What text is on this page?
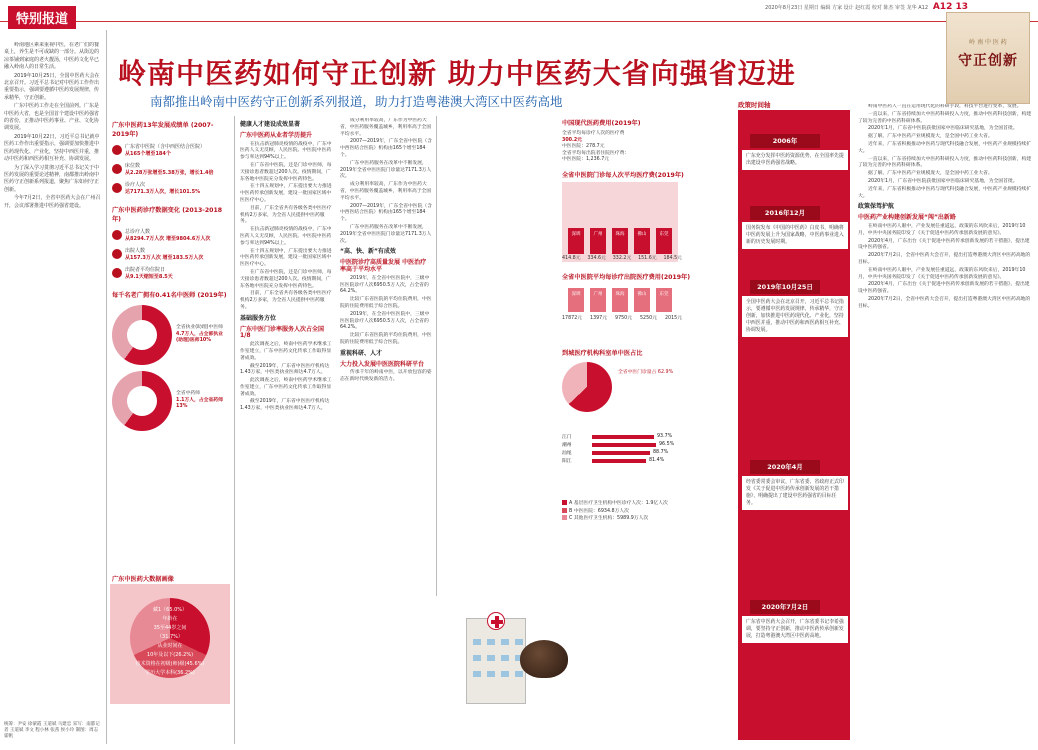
特别报道
2020年8月23日 星期日 编辑 方家 设计 赵红霞 校对 陈杰 审签 龙华 A12 A12 13

岭南地区素来重视中医，在老广们的餐桌上，养生是不可或缺的一部分。从街边的凉茶铺到家庭的老火靓汤，中医药文化早已融入岭南人的日常生活。

2019年10月25日，全国中医药大会在北京召开。习近平总书记对中医药工作作出重要指示，强调要遵循中医药发展规律，传承精华，守正创新。

广东中医药工作走在全国前列。广东是中医药大省，也是全国首个建设中医药强省的省份，正推动中医药事业、产业、文化协调发展。

2019年10月22日，习近平总书记就中医药工作作出重要指示，强调要加快推进中医药现代化、产业化，坚持中西医并重，推动中医药和西医药相互补充、协调发展。

为了深入学习贯彻习近平总书记关于中医药发展的重要论述精神，南都推出岭南中医药守正创新系列报道，聚焦广东如何守正创新。

今年7月2日，全省中医药大会在广州召开，会议部署推进中医药强省建设。

统筹：尹安 徐蒙霞 王道斌 马建忠 采写：南都记者 王道斌 李文 程小林 张茜 侯小玲 制图：周志 霍帆
岭南中医药如何守正创新 助力中医药大省向强省迈进
南都推出岭南中医药守正创新系列报道，助力打造粤港澳大湾区中医药高地
岭 南 中 医 药
守正创新
广东中医药13年发展成绩单 (2007-2019年)
广东省中医院（含中西医结合医院）
从165个增至184个
床位数
从2.28万张增至5.38万张，增长1.4倍
诊疗人次
达7171.3万人次，增长101.5%
广东中医药诊疗数据变化 (2013-2018年)
总诊疗人数
从8294.7万人次 增至9804.6万人次
出院人数
从157.3万人次 增至183.5万人次
出院者平均住院日
从9.1天缩短至8.5天
每千名老广拥有0.41名中医师 (2019年)
全省执业(助理)中医师
4.7万人，占全部执业(助理)医师10%
全省中药师
1.1万人，占全省药师13%
广东中医药大数据画像
藏1（65.0%）
年龄在
35至44岁之间
（31.7%）
从业时间在
10年及以下(26.2%)
技术资格在初级(师)级(45.6%)
学历大学本科(36.2%)
健康人才建设成效显著
广东中医药从业者学历提升

在抗击新冠肺炎疫情的战疫中，广东中医药人义无反顾，人民医院、中医院中医药参与率达到94%以上。

在广东省中医院，还是门诊中医师，每天接诊患者数超过200人次。疫情期间，广东各地中医院充分发挥中医药特色。

在十四五规划中，广东提出要大力推进中医药传承创新发展，建设一批国家区域中医医疗中心。

目前，广东全省共有各级各类中医医疗机构2万多家，为全省人民提供中医药服务。

在抗击新冠肺炎疫情的战疫中，广东中医药人义无反顾，人民医院、中医院中医药参与率达到94%以上。

在十四五规划中，广东提出要大力推进中医药传承创新发展，建设一批国家区域中医医疗中心。

在广东省中医院，还是门诊中医师，每天接诊患者数超过200人次。疫情期间，广东各地中医院充分发挥中医药特色。

目前，广东全省共有各级各类中医医疗机构2万多家，为全省人民提供中医药服务。

基础服务方位
广东中医门诊率服务人次占全国1/8

此次调查之后，岭南中医药学术继承工作室建立，广东中医药文化传承工作取得显著成效。

截至2019年，广东省中医医疗机构达1.43万家，中医类执业医师达4.7万人。

此次调查之后，岭南中医药学术继承工作室建立，广东中医药文化传承工作取得显著成效。

截至2019年，广东省中医医疗机构达1.43万家，中医类执业医师达4.7万人。

成分利用率较高，广东作为中医药大省，中医药服务覆盖城乡，利用率高于全国平均水平。

2007—2019年，广东全省中医院（含中西医结合医院）机构由165个增至184个。

广东中医药服务在改革中不断发展，2019年全省中医医院门诊量达7171.3万人次。

成分利用率较高，广东作为中医药大省，中医药服务覆盖城乡，利用率高于全国平均水平。

2007—2019年，广东全省中医院（含中西医结合医院）机构由165个增至184个。

广东中医药服务在改革中不断发展，2019年全省中医医院门诊量达7171.3万人次。

“高、快、新”有成效
中医院诊疗高质量发展 中医治疗率高于平均水平

2019年，在全省中医医院中，三级中医医院诊疗人次6950.5万人次，占全省的64.2%。

比较广东省医院的平均住院费用，中医院的住院费用低于综合医院。

2019年，在全省中医医院中，三级中医医院诊疗人次6950.5万人次，占全省的64.2%。

比较广东省医院的平均住院费用，中医院的住院费用低于综合医院。

重视科研、人才
大力投入发展中医医院科研平台

传承千年的岭南中医，以开放包容的姿态在新时代焕发新的活力。

中国现代医药费用(2019年)
全省平均每诊疗人次的医疗费
300.2元
中医医院：278.7元
全省平均每出院者住院医疗费：
中医医院：1,236.7元
全省中医院门诊每人次平均医疗费(2019年)
深圳	广州	珠海	佛山	东莞
414.8元 334.6元 332.2元 151.6元 184.5元
全省中医院平均每诊疗出院医疗费用(2019年)
深圳	广州	珠海	佛山	东莞
17872元 1397元 9750元 5250元 2015元
到城医疗机构科室单中医占比
全省中医门诊量占 62.9%
江门	93.7%
潮州	96.5%
汕尾	88.7%
阳江	81.4%
A 基层医疗卫生机构中医诊疗人次：1.9亿人次
B 中医医院：6934.8万人次
C 其他医疗卫生机构：5989.9万人次
政策时间轴
2006年
广东充分发挥中医药资源优势，在全国率先提出建设中医药强省战略。
2016年12月
国务院发布《中国的中医药》白皮书，明确将中医药发展上升为国家战略，中医药事业进入新的历史发展时期。
2019年10月25日
全国中医药大会在北京召开，习近平总书记指示，要遵循中医药发展规律，传承精华，守正创新，加快推进中医药现代化、产业化，坚持中西医并重，推动中医药和西医药相互补充、协调发展。
2020年4月
经省委常委会审议，广东省委、省政府正式印发《关于促进中医药传承创新发展的若干措施》，明确提出了建设中医药强省的目标任务。
2020年7月2日
广东省中医药大会召开，广东省委书记李希强调，要坚持守正创新，推动中医药传承创新发展，打造粤港澳大湾区中医药高地。

岭南中医药人一直在运用现代化的科研手段，科技平台进行变革，发展。

一直以来，广东省持续加大中医药科研投入力度，推动中医药科技创新，构建了较为完善的中医药科研体系。

2020年1月，广东省中医院获批国家中医临床研究基地，为全国首批。

据了解，广东中医药产业规模庞大，是全国中药工业大省。

近年来，广东省积极推动中医药与现代科技融合发展，中医药产业规模持续扩大。

一直以来，广东省持续加大中医药科研投入力度，推动中医药科技创新，构建了较为完善的中医药科研体系。

据了解，广东中医药产业规模庞大，是全国中药工业大省。

2020年1月，广东省中医院获批国家中医临床研究基地，为全国首批。

近年来，广东省积极推动中医药与现代科技融合发展，中医药产业规模持续扩大。

政策保驾护航
中医药产业构建创新发展“闯”出新路

在岭南中医药人眼中，产业发展任重道远，政策的东风吹来后，2019年10月，中共中央国务院印发了《关于促进中医药传承创新发展的意见》。

2020年4月，广东出台《关于促进中医药传承创新发展的若干措施》，提出建设中医药强省。

2020年7月2日，全省中医药大会召开，提出打造粤港澳大湾区中医药高地的目标。

在岭南中医药人眼中，产业发展任重道远，政策的东风吹来后，2019年10月，中共中央国务院印发了《关于促进中医药传承创新发展的意见》。

2020年4月，广东出台《关于促进中医药传承创新发展的若干措施》，提出建设中医药强省。

2020年7月2日，全省中医药大会召开，提出打造粤港澳大湾区中医药高地的目标。
